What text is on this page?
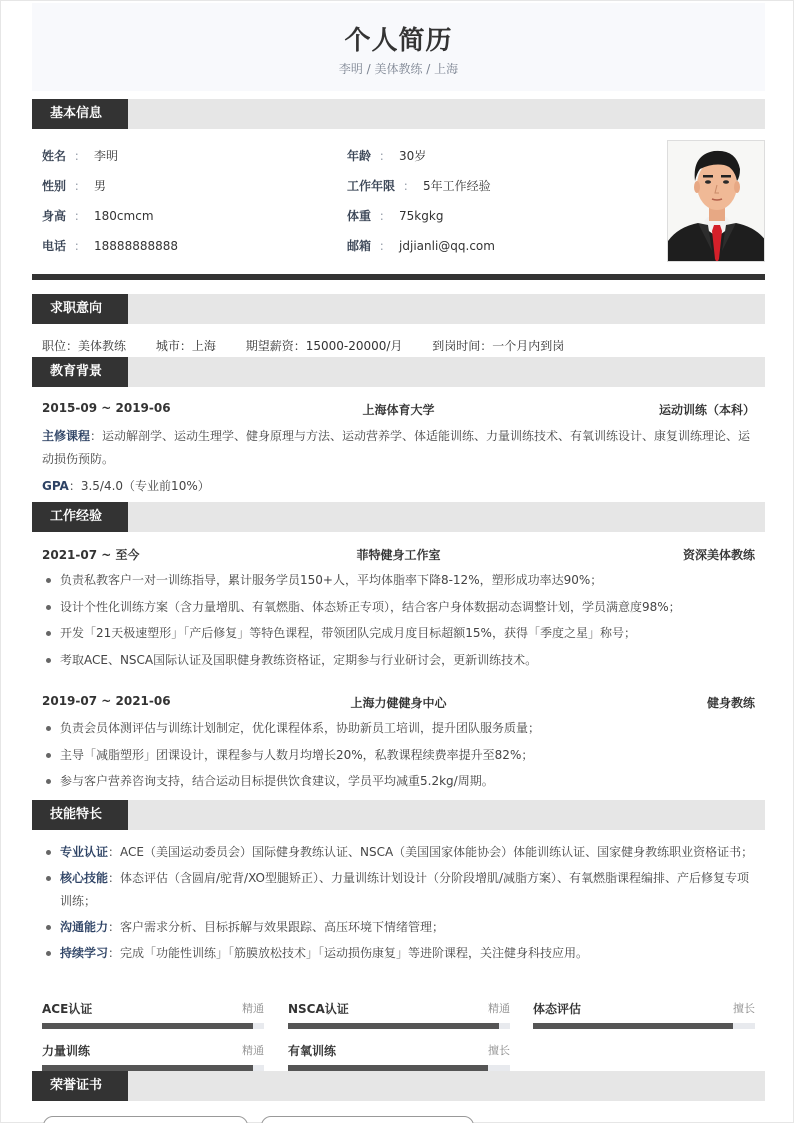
个人简历
李明 / 美体教练 / 上海
基本信息
姓名 ： 李明
性别 ： 男
身高 ： 180cmcm
电话 ： 18888888888
年龄 ： 30岁
工作年限 ： 5年工作经验
体重 ： 75kgkg
邮箱 ： jdjianli@qq.com
求职意向
职位：美体教练 城市：上海 期望薪资：15000-20000/月 到岗时间：一个月内到岗
教育背景
2015-09 ~ 2019-06	上海体育大学	运动训练（本科）
主修课程：运动解剖学、运动生理学、健身原理与方法、运动营养学、体适能训练、力量训练技术、有氧训练设计、康复训练理论、运动损伤预防。
GPA：3.5/4.0（专业前10%）
工作经验
2021-07 ~ 至今	菲特健身工作室	资深美体教练
负责私教客户一对一训练指导，累计服务学员150+人，平均体脂率下降8-12%，塑形成功率达90%；
设计个性化训练方案（含力量增肌、有氧燃脂、体态矫正专项），结合客户身体数据动态调整计划，学员满意度98%；
开发「21天极速塑形」「产后修复」等特色课程，带领团队完成月度目标超额15%，获得「季度之星」称号；
考取ACE、NSCA国际认证及国职健身教练资格证，定期参与行业研讨会，更新训练技术。
2019-07 ~ 2021-06	上海力健健身中心	健身教练
负责会员体测评估与训练计划制定，优化课程体系，协助新员工培训，提升团队服务质量；
主导「减脂塑形」团课设计，课程参与人数月均增长20%，私教课程续费率提升至82%；
参与客户营养咨询支持，结合运动目标提供饮食建议，学员平均减重5.2kg/周期。
技能特长
专业认证：ACE（美国运动委员会）国际健身教练认证、NSCA（美国国家体能协会）体能训练认证、国家健身教练职业资格证书；
核心技能：体态评估（含圆肩/驼背/XO型腿矫正）、力量训练计划设计（分阶段增肌/减脂方案）、有氧燃脂课程编排、产后修复专项训练；
沟通能力：客户需求分析、目标拆解与效果跟踪、高压环境下情绪管理；
持续学习：完成「功能性训练」「筋膜放松技术」「运动损伤康复」等进阶课程，关注健身科技应用。
ACE认证	精通 NSCA认证	精通 体态评估	擅长
力量训练	精通 有氧训练	擅长
荣誉证书
